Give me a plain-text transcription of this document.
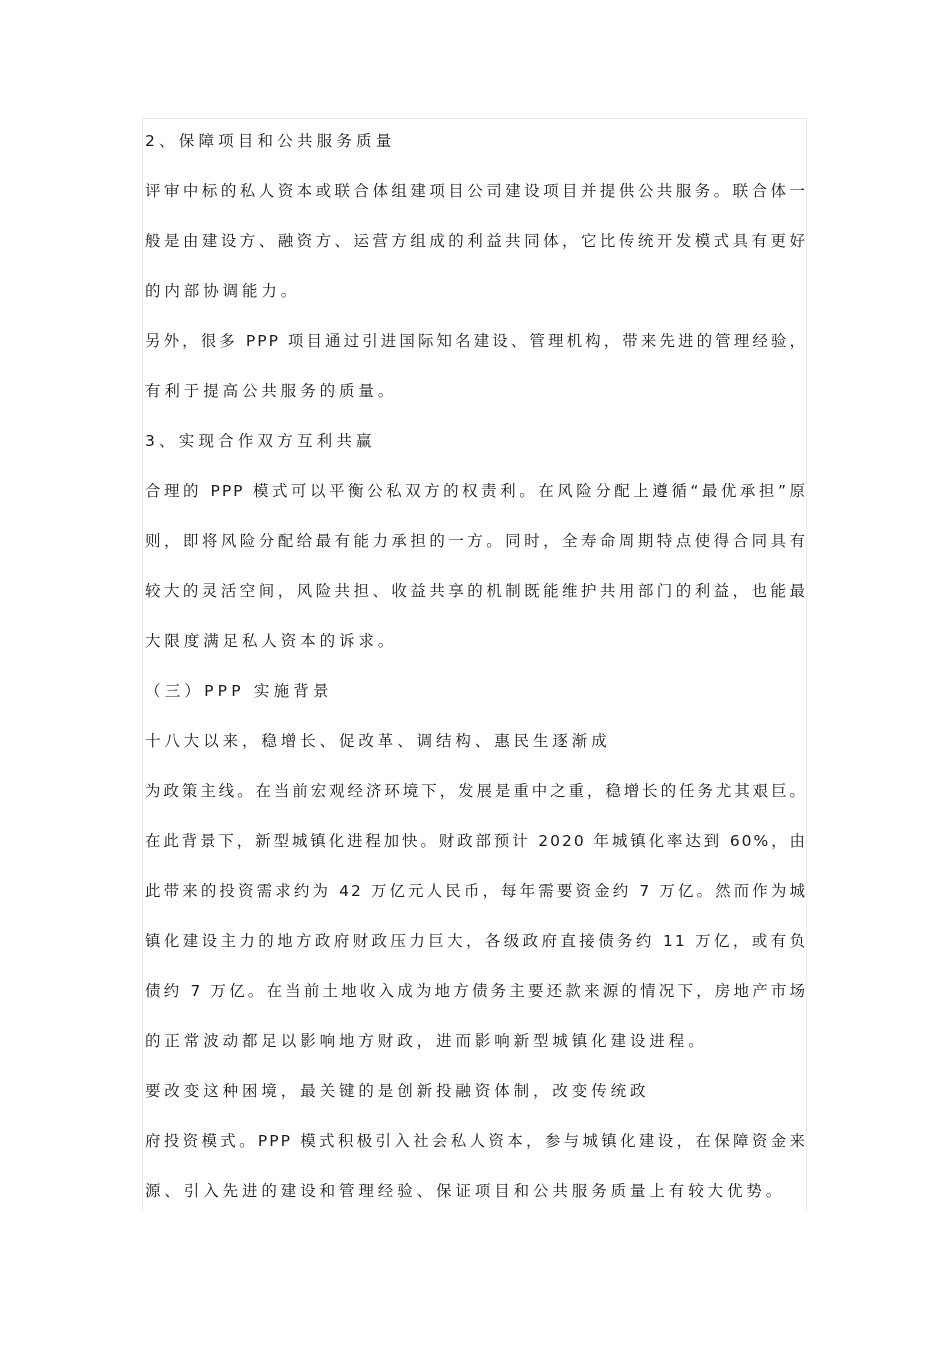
2、保障项目和公共服务质量
评审中标的私人资本或联合体组建项目公司建设项目并提供公共服务。联合体一
般是由建设方、融资方、运营方组成的利益共同体，它比传统开发模式具有更好
的内部协调能力。
另外，很多 PPP 项目通过引进国际知名建设、管理机构，带来先进的管理经验，
有利于提高公共服务的质量。
3、实现合作双方互利共赢
合理的 PPP 模式可以平衡公私双方的权责利。在风险分配上遵循“最优承担”原
则，即将风险分配给最有能力承担的一方。同时，全寿命周期特点使得合同具有
较大的灵活空间，风险共担、收益共享的机制既能维护共用部门的利益，也能最
大限度满足私人资本的诉求。
（三）PPP 实施背景
十八大以来，稳增长、促改革、调结构、惠民生逐渐成
为政策主线。在当前宏观经济环境下，发展是重中之重，稳增长的任务尤其艰巨。
在此背景下，新型城镇化进程加快。财政部预计 2020 年城镇化率达到 60%，由
此带来的投资需求约为 42 万亿元人民币，每年需要资金约 7 万亿。然而作为城
镇化建设主力的地方政府财政压力巨大，各级政府直接债务约 11 万亿，或有负
债约 7 万亿。在当前土地收入成为地方债务主要还款来源的情况下，房地产市场
的正常波动都足以影响地方财政，进而影响新型城镇化建设进程。
要改变这种困境，最关键的是创新投融资体制，改变传统政
府投资模式。PPP 模式积极引入社会私人资本，参与城镇化建设，在保障资金来
源、引入先进的建设和管理经验、保证项目和公共服务质量上有较大优势。
